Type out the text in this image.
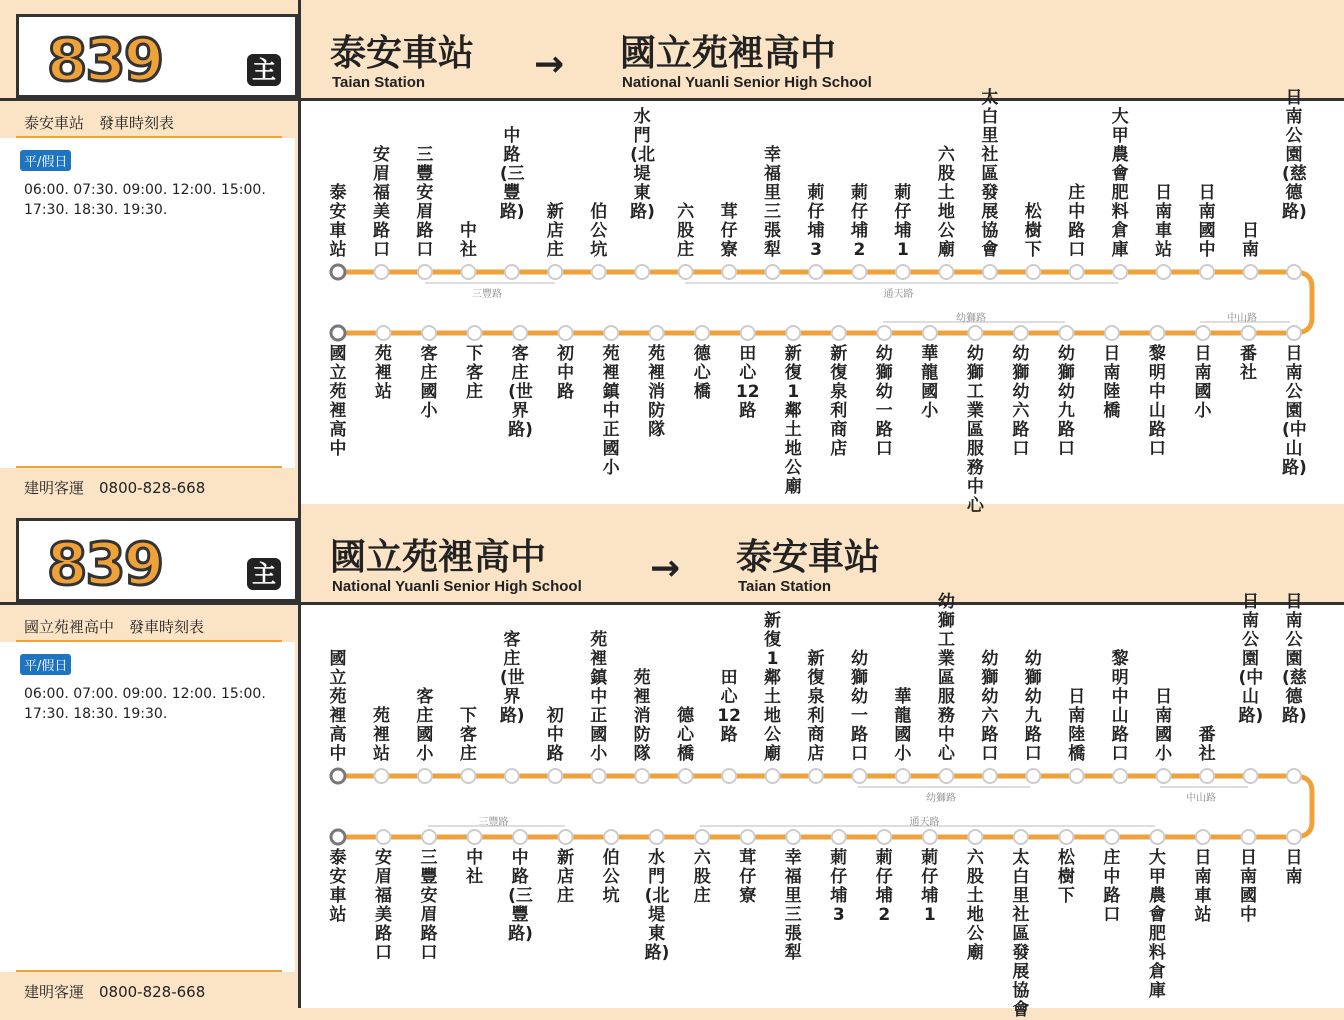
839	主 泰安車站
Taian Station	→ 國立苑裡高中
National Yuanli Senior High School
泰安車站　發車時刻表
平/假日
06:00. 07:30. 09:00. 12:00. 15:00.
17:30. 18:30. 19:30.
建明客運　0800-828-668
泰安車站
安眉福美路口
三豐安眉路口
中社
中路(三豐路) 新店庄
伯公坑
水門(北堤東路) 六股庄
茸仔寮
幸福里三張犁
莿仔埔3
莿仔埔2
莿仔埔1
六股土地公廟
太白里社區發展協會
松樹下
庄中路口
大甲農會肥料倉庫
日南車站
日南國中
日南
日南公園(慈德路)
國立苑裡高中
苑裡站
客庄國小
下客庄
客庄(世界路)
初中路
苑裡鎮中正國小
苑裡消防隊
德心橋
田心12路
新復1鄰土地公廟
新復泉利商店
幼獅幼一路口
華龍國小
幼獅工業區服務中心
幼獅幼六路口
幼獅幼九路口
日南陸橋
黎明中山路口
日南國小
番社
日南公園(中山路)
三豐路	通天路
幼獅路	中山路
839	主 國立苑裡高中
National Yuanli Senior High School → 泰安車站
Taian Station
國立苑裡高中　發車時刻表
平/假日
06:00. 07:00. 09:00. 12:00. 15:00.
17:30. 18:30. 19:30.
建明客運　0800-828-668
國立苑裡高中
苑裡站
客庄國小
下客庄
客庄(世界路) 初中路
苑裡鎮中正國小
苑裡消防隊
德心橋
田心12路
新復1鄰土地公廟
新復泉利商店
幼獅幼一路口
華龍國小
幼獅工業區服務中心
幼獅幼六路口
幼獅幼九路口
日南陸橋
黎明中山路口
日南國小
番社
日南公園(中山路)
日南公園(慈德路)
泰安車站
安眉福美路口
三豐安眉路口
中社
中路(三豐路)
新店庄
伯公坑
水門(北堤東路)
六股庄
茸仔寮
幸福里三張犁
莿仔埔3
莿仔埔2
莿仔埔1
六股土地公廟
太白里社區發展協會
松樹下
庄中路口
大甲農會肥料倉庫
日南車站
日南國中
日南
幼獅路	中山路
三豐路	通天路
